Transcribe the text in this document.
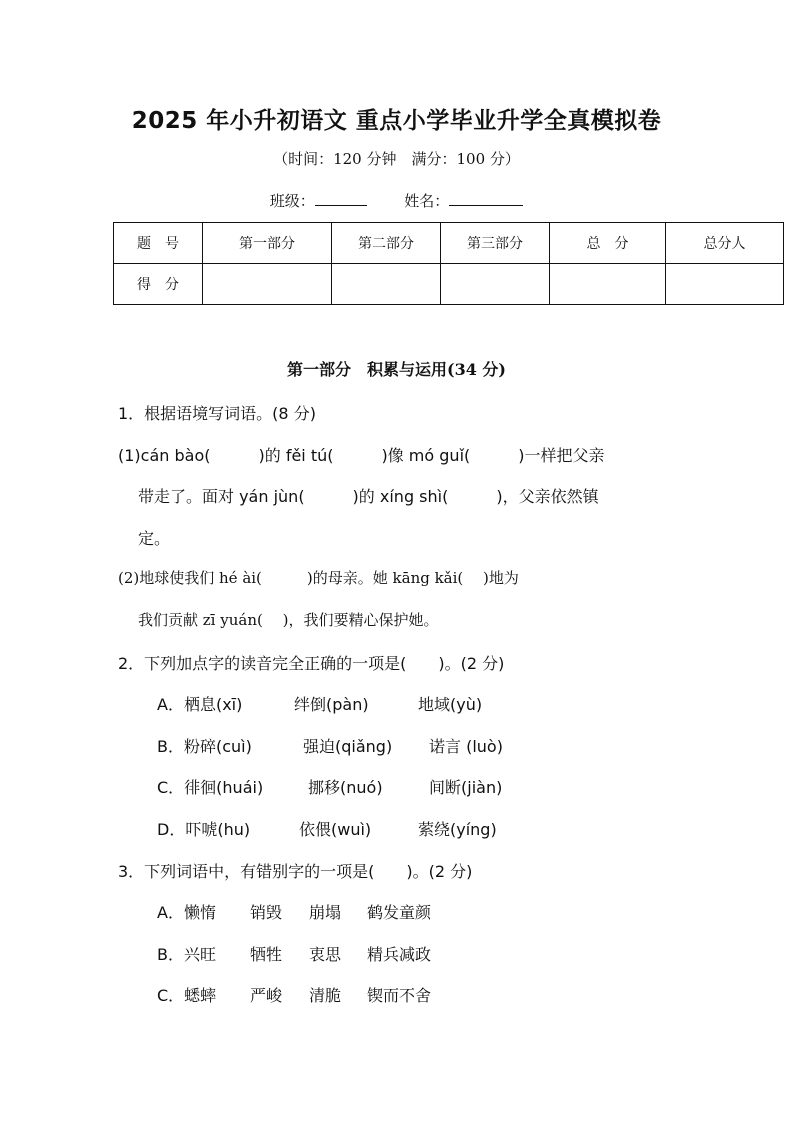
2025 年小升初语文 重点小学毕业升学全真模拟卷
（时间：120 分钟　满分：100 分）
班级：	姓名：
题　号	第一部分	第二部分	第三部分	总　分	总分人
得　分					
第一部分　积累与运用(34 分)
1．根据语境写词语。(8 分)
(1)cán bào(　　　)的 fěi tú(　　　)像 mó guǐ(　　　)一样把父亲
带走了。面对 yán jùn(　　　)的 xíng shì(　　　)，父亲依然镇
定。
(2)地球使我们 hé ài(　　　)的母亲。她 kāng kǎi(　 )地为
我们贡献 zī yuán(　 )，我们要精心保护她。
2．下列加点字的读音完全正确的一项是(　　)。(2 分)
A．栖息(xī)	绊倒(pàn)	地域(yù)
B．粉碎(cuì)	强迫(qiǎng) 诺言 (luò)
C．徘徊(huái)	挪移(nuó)	间断(jiàn)
D．吓唬(hu)	依偎(wuì)	萦绕(yíng)
3．下列词语中，有错别字的一项是(　　)。(2 分)
A．懒惰 销毁 崩塌 鹤发童颜
B．兴旺 牺牲 衷思 精兵减政
C．蟋蟀 严峻 清脆 锲而不舍
